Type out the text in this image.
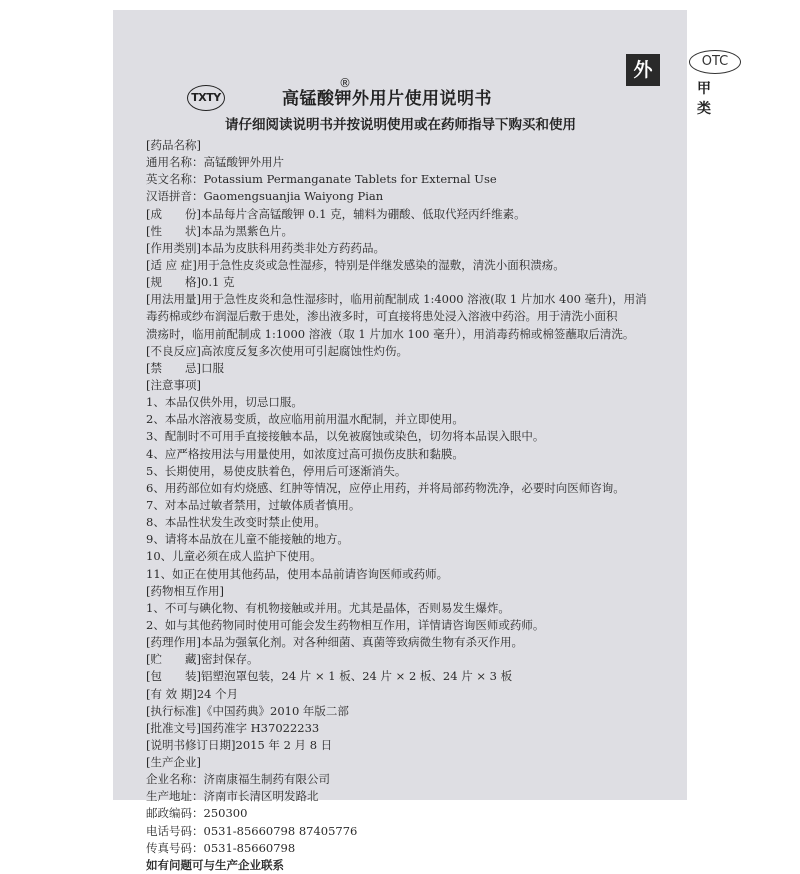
TXTY
®
外	OTC
甲类
高锰酸钾外用片使用说明书
请仔细阅读说明书并按说明使用或在药师指导下购买和使用
[药品名称]
通用名称：高锰酸钾外用片
英文名称：Potassium Permanganate Tablets for External Use
汉语拼音：Gaomengsuanjia Waiyong Pian
[成　　份]本品每片含高锰酸钾 0.1 克，辅料为硼酸、低取代羟丙纤维素。
[性　　状]本品为黑紫色片。
[作用类别]本品为皮肤科用药类非处方药药品。
[适 应 症]用于急性皮炎或急性湿疹，特别是伴继发感染的湿敷，清洗小面积溃疡。
[规　　格]0.1 克
[用法用量]用于急性皮炎和急性湿疹时，临用前配制成 1:4000 溶液(取 1 片加水 400 毫升)，用消
毒药棉或纱布润湿后敷于患处，渗出液多时，可直接将患处浸入溶液中药浴。用于清洗小面积
溃疡时，临用前配制成 1:1000 溶液（取 1 片加水 100 毫升），用消毒药棉或棉签蘸取后清洗。
[不良反应]高浓度反复多次使用可引起腐蚀性灼伤。
[禁　　忌]口服
[注意事项]
1、本品仅供外用，切忌口服。
2、本品水溶液易变质，故应临用前用温水配制，并立即使用。
3、配制时不可用手直接接触本品，以免被腐蚀或染色，切勿将本品误入眼中。
4、应严格按用法与用量使用，如浓度过高可损伤皮肤和黏膜。
5、长期使用，易使皮肤着色，停用后可逐渐消失。
6、用药部位如有灼烧感、红肿等情况，应停止用药，并将局部药物洗净，必要时向医师咨询。
7、对本品过敏者禁用，过敏体质者慎用。
8、本品性状发生改变时禁止使用。
9、请将本品放在儿童不能接触的地方。
10、儿童必须在成人监护下使用。
11、如正在使用其他药品，使用本品前请咨询医师或药师。
[药物相互作用]
1、不可与碘化物、有机物接触或并用。尤其是晶体，否则易发生爆炸。
2、如与其他药物同时使用可能会发生药物相互作用，详情请咨询医师或药师。
[药理作用]本品为强氧化剂。对各种细菌、真菌等致病微生物有杀灭作用。
[贮　　藏]密封保存。
[包　　装]铝塑泡罩包装，24 片 × 1 板、24 片 × 2 板、24 片 × 3 板
[有 效 期]24 个月
[执行标准]《中国药典》2010 年版二部
[批准文号]国药准字 H37022233
[说明书修订日期]2015 年 2 月 8 日
[生产企业]
企业名称：济南康福生制药有限公司
生产地址：济南市长清区明发路北
邮政编码：250300
电话号码：0531-85660798 87405776
传真号码：0531-85660798
如有问题可与生产企业联系
